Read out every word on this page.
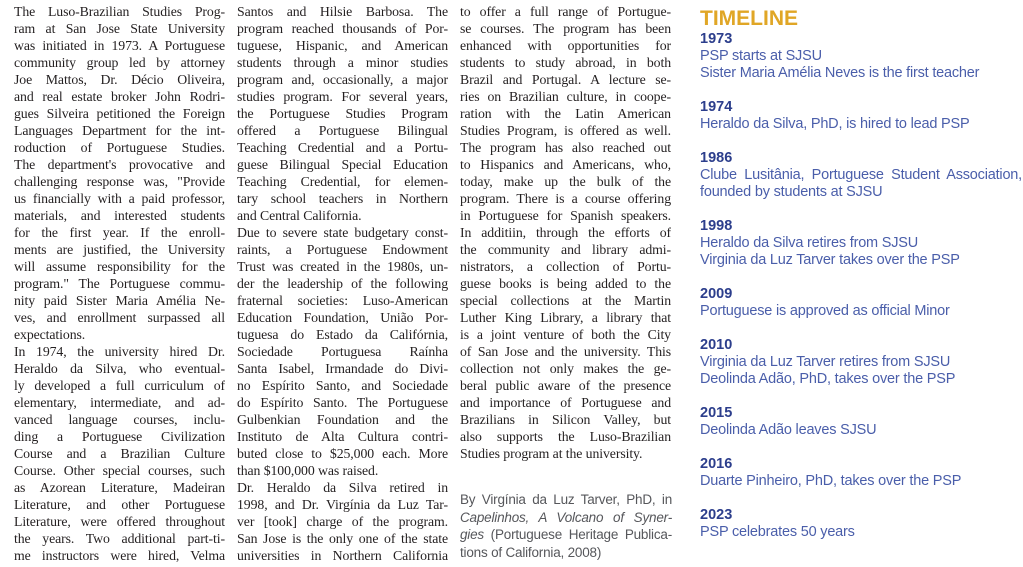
The Luso-Brazilian Studies Prog-
ram at San Jose State University
was initiated in 1973. A Portuguese
community group led by attorney
Joe Mattos, Dr. Décio Oliveira,
and real estate broker John Rodri-
gues Silveira petitioned the Foreign
Languages Department for the int-
roduction of Portuguese Studies.
The department's provocative and
challenging response was, "Provide
us financially with a paid professor,
materials, and interested students
for the first year. If the enroll-
ments are justified, the University
will assume responsibility for the
program." The Portuguese commu-
nity paid Sister Maria Amélia Ne-
ves, and enrollment surpassed all
expectations.
In 1974, the university hired Dr.
Heraldo da Silva, who eventual-
ly developed a full curriculum of
elementary, intermediate, and ad-
vanced language courses, inclu-
ding a Portuguese Civilization
Course and a Brazilian Culture
Course. Other special courses, such
as Azorean Literature, Madeiran
Literature, and other Portuguese
Literature, were offered throughout
the years. Two additional part-ti-
me instructors were hired, Velma
Santos and Hilsie Barbosa. The
program reached thousands of Por-
tuguese, Hispanic, and American
students through a minor studies
program and, occasionally, a major
studies program. For several years,
the Portuguese Studies Program
offered a Portuguese Bilingual
Teaching Credential and a Portu-
guese Bilingual Special Education
Teaching Credential, for elemen-
tary school teachers in Northern
and Central California.
Due to severe state budgetary const-
raints, a Portuguese Endowment
Trust was created in the 1980s, un-
der the leadership of the following
fraternal societies: Luso-American
Education Foundation, União Por-
tuguesa do Estado da Califórnia,
Sociedade Portuguesa Raínha
Santa Isabel, Irmandade do Divi-
no Espírito Santo, and Sociedade
do Espírito Santo. The Portuguese
Gulbenkian Foundation and the
Instituto de Alta Cultura contri-
buted close to $25,000 each. More
than $100,000 was raised.
Dr. Heraldo da Silva retired in
1998, and Dr. Virgínia da Luz Tar-
ver [took] charge of the program.
San Jose is the only one of the state
universities in Northern California
to offer a full range of Portugue-
se courses. The program has been
enhanced with opportunities for
students to study abroad, in both
Brazil and Portugal. A lecture se-
ries on Brazilian culture, in coope-
ration with the Latin American
Studies Program, is offered as well.
The program has also reached out
to Hispanics and Americans, who,
today, make up the bulk of the
program. There is a course offering
in Portuguese for Spanish speakers.
In additiin, through the efforts of
the community and library admi-
nistrators, a collection of Portu-
guese books is being added to the
special collections at the Martin
Luther King Library, a library that
is a joint venture of both the City
of San Jose and the university. This
collection not only makes the ge-
beral public aware of the presence
and importance of Portuguese and
Brazilians in Silicon Valley, but
also supports the Luso-Brazilian
Studies program at the university.
By Virgínia da Luz Tarver, PhD, in
Capelinhos, A Volcano of Syner-
gies (Portuguese Heritage Publica-
tions of California, 2008)
TIMELINE
1973
PSP starts at SJSU
Sister Maria Amélia Neves is the first teacher
1974
Heraldo da Silva, PhD, is hired to lead PSP
1986
Clube Lusitânia, Portuguese Student Association,
founded by students at SJSU
1998
Heraldo da Silva retires from SJSU
Virginia da Luz Tarver takes over the PSP
2009
Portuguese is approved as official Minor
2010
Virginia da Luz Tarver retires from SJSU
Deolinda Adão, PhD, takes over the PSP
2015
Deolinda Adão leaves SJSU
2016
Duarte Pinheiro, PhD, takes over the PSP
2023
PSP celebrates 50 years
